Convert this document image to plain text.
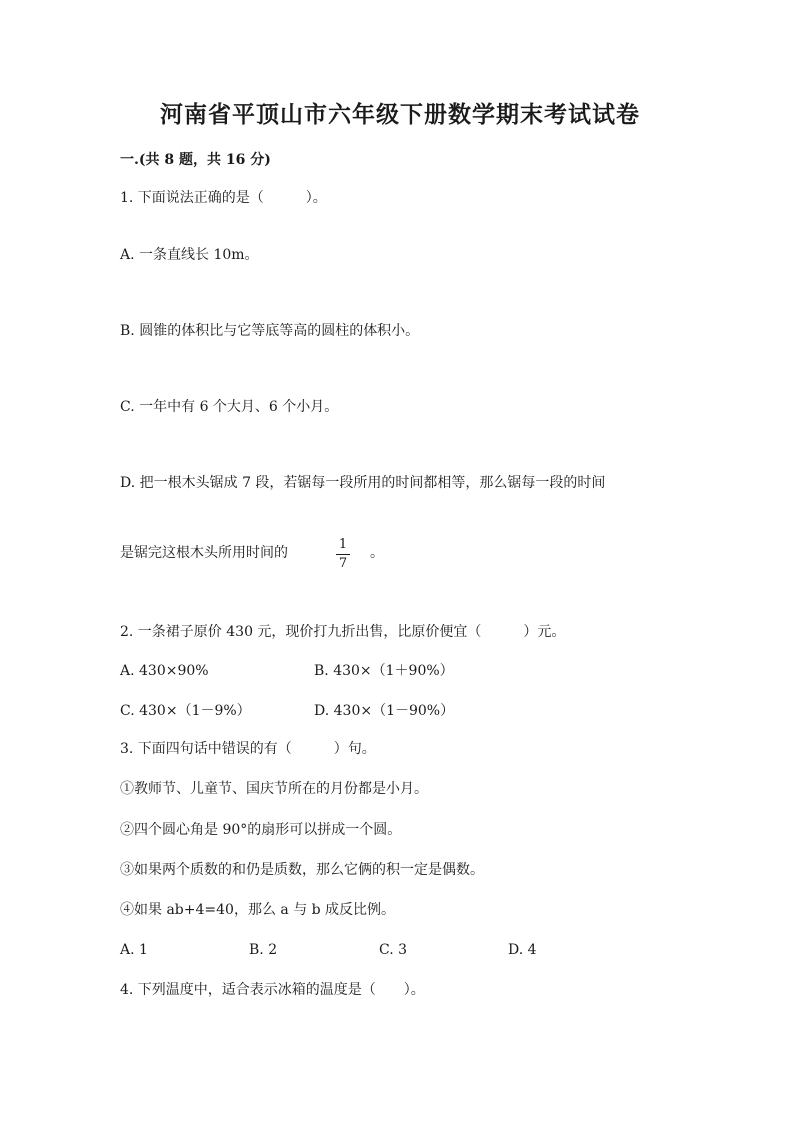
河南省平顶山市六年级下册数学期末考试试卷
一.(共 8 题，共 16 分)
1. 下面说法正确的是（　　　）。
A. 一条直线长 10m。
B. 圆锥的体积比与它等底等高的圆柱的体积小。
C. 一年中有 6 个大月、6 个小月。
D. 把一根木头锯成 7 段，若锯每一段所用的时间都相等，那么锯每一段的时间
是锯完这根木头所用时间的
1
7
。
2. 一条裙子原价 430 元，现价打九折出售，比原价便宜（　　　）元。
A. 430×90%	B. 430×（1＋90%）
C. 430×（1－9%）	D. 430×（1－90%）
3. 下面四句话中错误的有（　　　）句。
①教师节、儿童节、国庆节所在的月份都是小月。
②四个圆心角是 90°的扇形可以拼成一个圆。
③如果两个质数的和仍是质数，那么它俩的积一定是偶数。
④如果 ab+4=40，那么 a 与 b 成反比例。
A. 1	B. 2	C. 3	D. 4
4. 下列温度中，适合表示冰箱的温度是（　　）。
